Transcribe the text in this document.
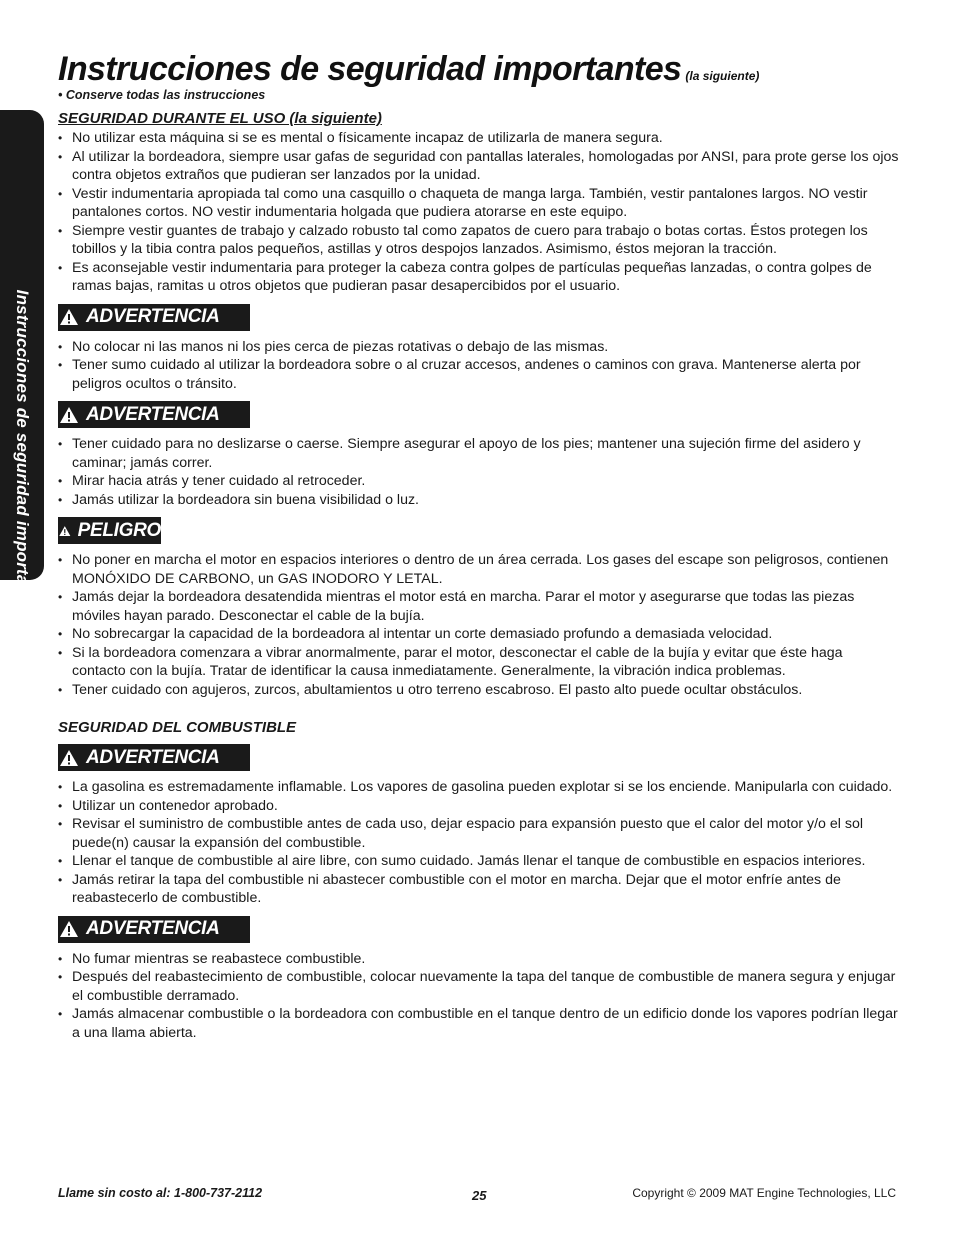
Instrucciones de seguridad importantes
Instrucciones de seguridad importantes (la siguiente)
• Conserve todas las instrucciones
SEGURIDAD DURANTE EL USO (la siguiente)
• No utilizar esta máquina si se es mental o físicamente incapaz de utilizarla de manera segura.
• Al utilizar la bordeadora, siempre usar gafas de seguridad con pantallas laterales, homologadas por ANSI, para prote gerse los ojos contra objetos extraños que pudieran ser lanzados por la unidad.
• Vestir indumentaria apropiada tal como una casquillo o chaqueta de manga larga. También, vestir pantalones largos. NO vestir pantalones cortos. NO vestir indumentaria holgada que pudiera atorarse en este equipo.
• Siempre vestir guantes de trabajo y calzado robusto tal como zapatos de cuero para trabajo o botas cortas. Éstos protegen los tobillos y la tibia contra palos pequeños, astillas y otros despojos lanzados. Asimismo, éstos mejoran la tracción.
• Es aconsejable vestir indumentaria para proteger la cabeza contra golpes de partículas pequeñas lanzadas, o contra golpes de ramas bajas, ramitas u otros objetos que pudieran pasar desapercibidos por el usuario.
ADVERTENCIA
• No colocar ni las manos ni los pies cerca de piezas rotativas o debajo de las mismas.
• Tener sumo cuidado al utilizar la bordeadora sobre o al cruzar accesos, andenes o caminos con grava. Mantenerse alerta por peligros ocultos o tránsito.
ADVERTENCIA
• Tener cuidado para no deslizarse o caerse. Siempre asegurar el apoyo de los pies; mantener una sujeción firme del asidero y caminar; jamás correr.
• Mirar hacia atrás y tener cuidado al retroceder.
• Jamás utilizar la bordeadora sin buena visibilidad o luz.
PELIGRO
• No poner en marcha el motor en espacios interiores o dentro de un área cerrada. Los gases del escape son peligrosos, contienen MONÓXIDO DE CARBONO, un GAS INODORO Y LETAL.
• Jamás dejar la bordeadora desatendida mientras el motor está en marcha. Parar el motor y asegurarse que todas las piezas móviles hayan parado. Desconectar el cable de la bujía.
• No sobrecargar la capacidad de la bordeadora al intentar un corte demasiado profundo a demasiada velocidad.
• Si la bordeadora comenzara a vibrar anormalmente, parar el motor, desconectar el cable de la bujía y evitar que éste haga contacto con la bujía. Tratar de identificar la causa inmediatamente. Generalmente, la vibración indica problemas.
• Tener cuidado con agujeros, zurcos, abultamientos u otro terreno escabroso. El pasto alto puede ocultar obstáculos.
SEGURIDAD DEL COMBUSTIBLE
ADVERTENCIA
• La gasolina es estremadamente inflamable. Los vapores de gasolina pueden explotar si se los enciende. Manipularla con cuidado.
• Utilizar un contenedor aprobado.
• Revisar el suministro de combustible antes de cada uso, dejar espacio para expansión puesto que el calor del motor y/o el sol puede(n) causar la expansión del combustible.
• Llenar el tanque de combustible al aire libre, con sumo cuidado. Jamás llenar el tanque de combustible en espacios interiores.
• Jamás retirar la tapa del combustible ni abastecer combustible con el motor en marcha. Dejar que el motor enfríe antes de reabastecerlo de combustible.
ADVERTENCIA
• No fumar mientras se reabastece combustible.
• Después del reabastecimiento de combustible, colocar nuevamente la tapa del tanque de combustible de manera segura y enjugar el combustible derramado.
• Jamás almacenar combustible o la bordeadora con combustible en el tanque dentro de un edificio donde los vapores podrían llegar a una llama abierta.
Llame sin costo al: 1-800-737-2112	25	Copyright © 2009 MAT Engine Technologies, LLC
